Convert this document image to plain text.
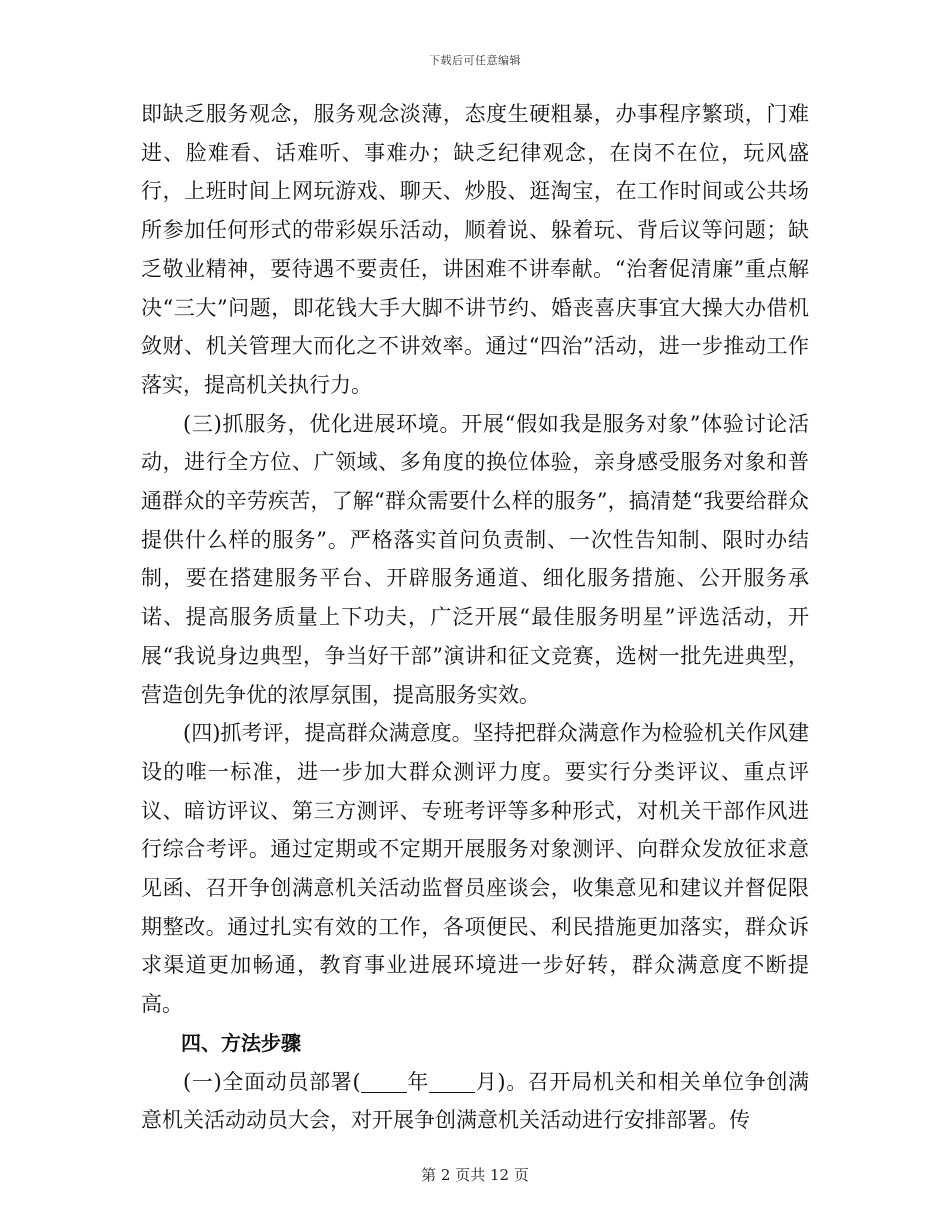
下载后可任意编辑

即缺乏服务观念，服务观念淡薄，态度生硬粗暴，办事程序繁琐，门难进、脸难看、话难听、事难办；缺乏纪律观念，在岗不在位，玩风盛行，上班时间上网玩游戏、聊天、炒股、逛淘宝，在工作时间或公共场所参加任何形式的带彩娱乐活动，顺着说、躲着玩、背后议等问题；缺乏敬业精神，要待遇不要责任，讲困难不讲奉献。“治奢促清廉”重点解决“三大”问题，即花钱大手大脚不讲节约、婚丧喜庆事宜大操大办借机敛财、机关管理大而化之不讲效率。通过“四治”活动，进一步推动工作落实，提高机关执行力。

(三)抓服务，优化进展环境。开展“假如我是服务对象”体验讨论活动，进行全方位、广领域、多角度的换位体验，亲身感受服务对象和普通群众的辛劳疾苦，了解“群众需要什么样的服务”，搞清楚“我要给群众提供什么样的服务”。严格落实首问负责制、一次性告知制、限时办结制，要在搭建服务平台、开辟服务通道、细化服务措施、公开服务承诺、提高服务质量上下功夫，广泛开展“最佳服务明星”评选活动，开展“我说身边典型，争当好干部”演讲和征文竞赛，选树一批先进典型，营造创先争优的浓厚氛围，提高服务实效。

(四)抓考评，提高群众满意度。坚持把群众满意作为检验机关作风建设的唯一标准，进一步加大群众测评力度。要实行分类评议、重点评议、暗访评议、第三方测评、专班考评等多种形式，对机关干部作风进行综合考评。通过定期或不定期开展服务对象测评、向群众发放征求意见函、召开争创满意机关活动监督员座谈会，收集意见和建议并督促限期整改。通过扎实有效的工作，各项便民、利民措施更加落实，群众诉求渠道更加畅通，教育事业进展环境进一步好转，群众满意度不断提高。

四、方法步骤

(一)全面动员部署( 年 月)。召开局机关和相关单位争创满意机关活动动员大会，对开展争创满意机关活动进行安排部署。传

第 2 页共 12 页
